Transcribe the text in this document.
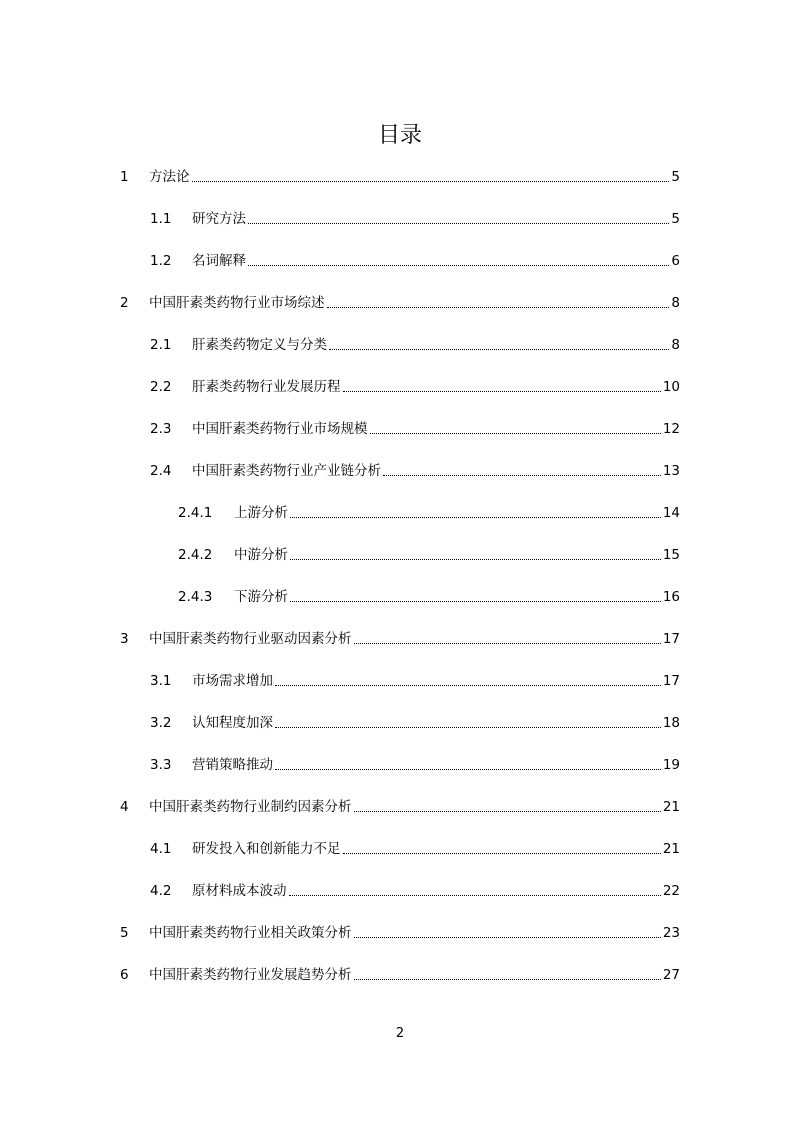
目录
1	方法论	5
1.1	研究方法	5
1.2	名词解释	6
2	中国肝素类药物行业市场综述	8
2.1	肝素类药物定义与分类	8
2.2	肝素类药物行业发展历程	10
2.3	中国肝素类药物行业市场规模	12
2.4	中国肝素类药物行业产业链分析	13
2.4.1	上游分析	14
2.4.2	中游分析	15
2.4.3	下游分析	16
3	中国肝素类药物行业驱动因素分析	17
3.1	市场需求增加	17
3.2	认知程度加深	18
3.3	营销策略推动	19
4	中国肝素类药物行业制约因素分析	21
4.1	研发投入和创新能力不足	21
4.2	原材料成本波动	22
5	中国肝素类药物行业相关政策分析	23
6	中国肝素类药物行业发展趋势分析	27
2
